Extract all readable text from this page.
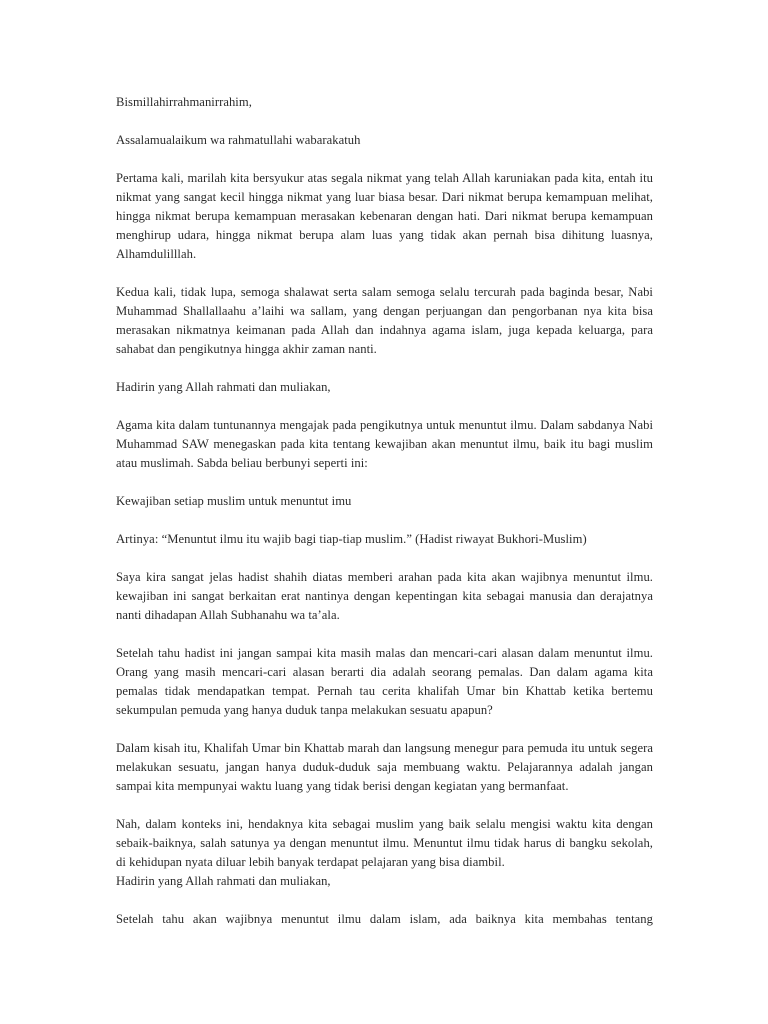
Bismillahirrahmanirrahim,

Assalamualaikum wa rahmatullahi wabarakatuh

Pertama kali, marilah kita bersyukur atas segala nikmat yang telah Allah karuniakan pada kita, entah itu nikmat yang sangat kecil hingga nikmat yang luar biasa besar. Dari nikmat berupa kemampuan melihat, hingga nikmat berupa kemampuan merasakan kebenaran dengan hati. Dari nikmat berupa kemampuan menghirup udara, hingga nikmat berupa alam luas yang tidak akan pernah bisa dihitung luasnya, Alhamdulilllah.

Kedua kali, tidak lupa, semoga shalawat serta salam semoga selalu tercurah pada baginda besar, Nabi Muhammad Shallallaahu a’laihi wa sallam, yang dengan perjuangan dan pengorbanan nya kita bisa merasakan nikmatnya keimanan pada Allah dan indahnya agama islam, juga kepada keluarga, para sahabat dan pengikutnya hingga akhir zaman nanti.

Hadirin yang Allah rahmati dan muliakan,

Agama kita dalam tuntunannya mengajak pada pengikutnya untuk menuntut ilmu. Dalam sabdanya Nabi Muhammad SAW menegaskan pada kita tentang kewajiban akan menuntut ilmu, baik itu bagi muslim atau muslimah. Sabda beliau berbunyi seperti ini:

Kewajiban setiap muslim untuk menuntut imu

Artinya: “Menuntut ilmu itu wajib bagi tiap-tiap muslim.” (Hadist riwayat Bukhori-Muslim)

Saya kira sangat jelas hadist shahih diatas memberi arahan pada kita akan wajibnya menuntut ilmu. kewajiban ini sangat berkaitan erat nantinya dengan kepentingan kita sebagai manusia dan derajatnya nanti dihadapan Allah Subhanahu wa ta’ala.

Setelah tahu hadist ini jangan sampai kita masih malas dan mencari-cari alasan dalam menuntut ilmu. Orang yang masih mencari-cari alasan berarti dia adalah seorang pemalas. Dan dalam agama kita pemalas tidak mendapatkan tempat. Pernah tau cerita khalifah Umar bin Khattab ketika bertemu sekumpulan pemuda yang hanya duduk tanpa melakukan sesuatu apapun?

Dalam kisah itu, Khalifah Umar bin Khattab marah dan langsung menegur para pemuda itu untuk segera melakukan sesuatu, jangan hanya duduk-duduk saja membuang waktu. Pelajarannya adalah jangan sampai kita mempunyai waktu luang yang tidak berisi dengan kegiatan yang bermanfaat.

Nah, dalam konteks ini, hendaknya kita sebagai muslim yang baik selalu mengisi waktu kita dengan sebaik-baiknya, salah satunya ya dengan menuntut ilmu. Menuntut ilmu tidak harus di bangku sekolah, di kehidupan nyata diluar lebih banyak terdapat pelajaran yang bisa diambil.

Hadirin yang Allah rahmati dan muliakan,

Setelah tahu akan wajibnya menuntut ilmu dalam islam, ada baiknya kita membahas tentang
